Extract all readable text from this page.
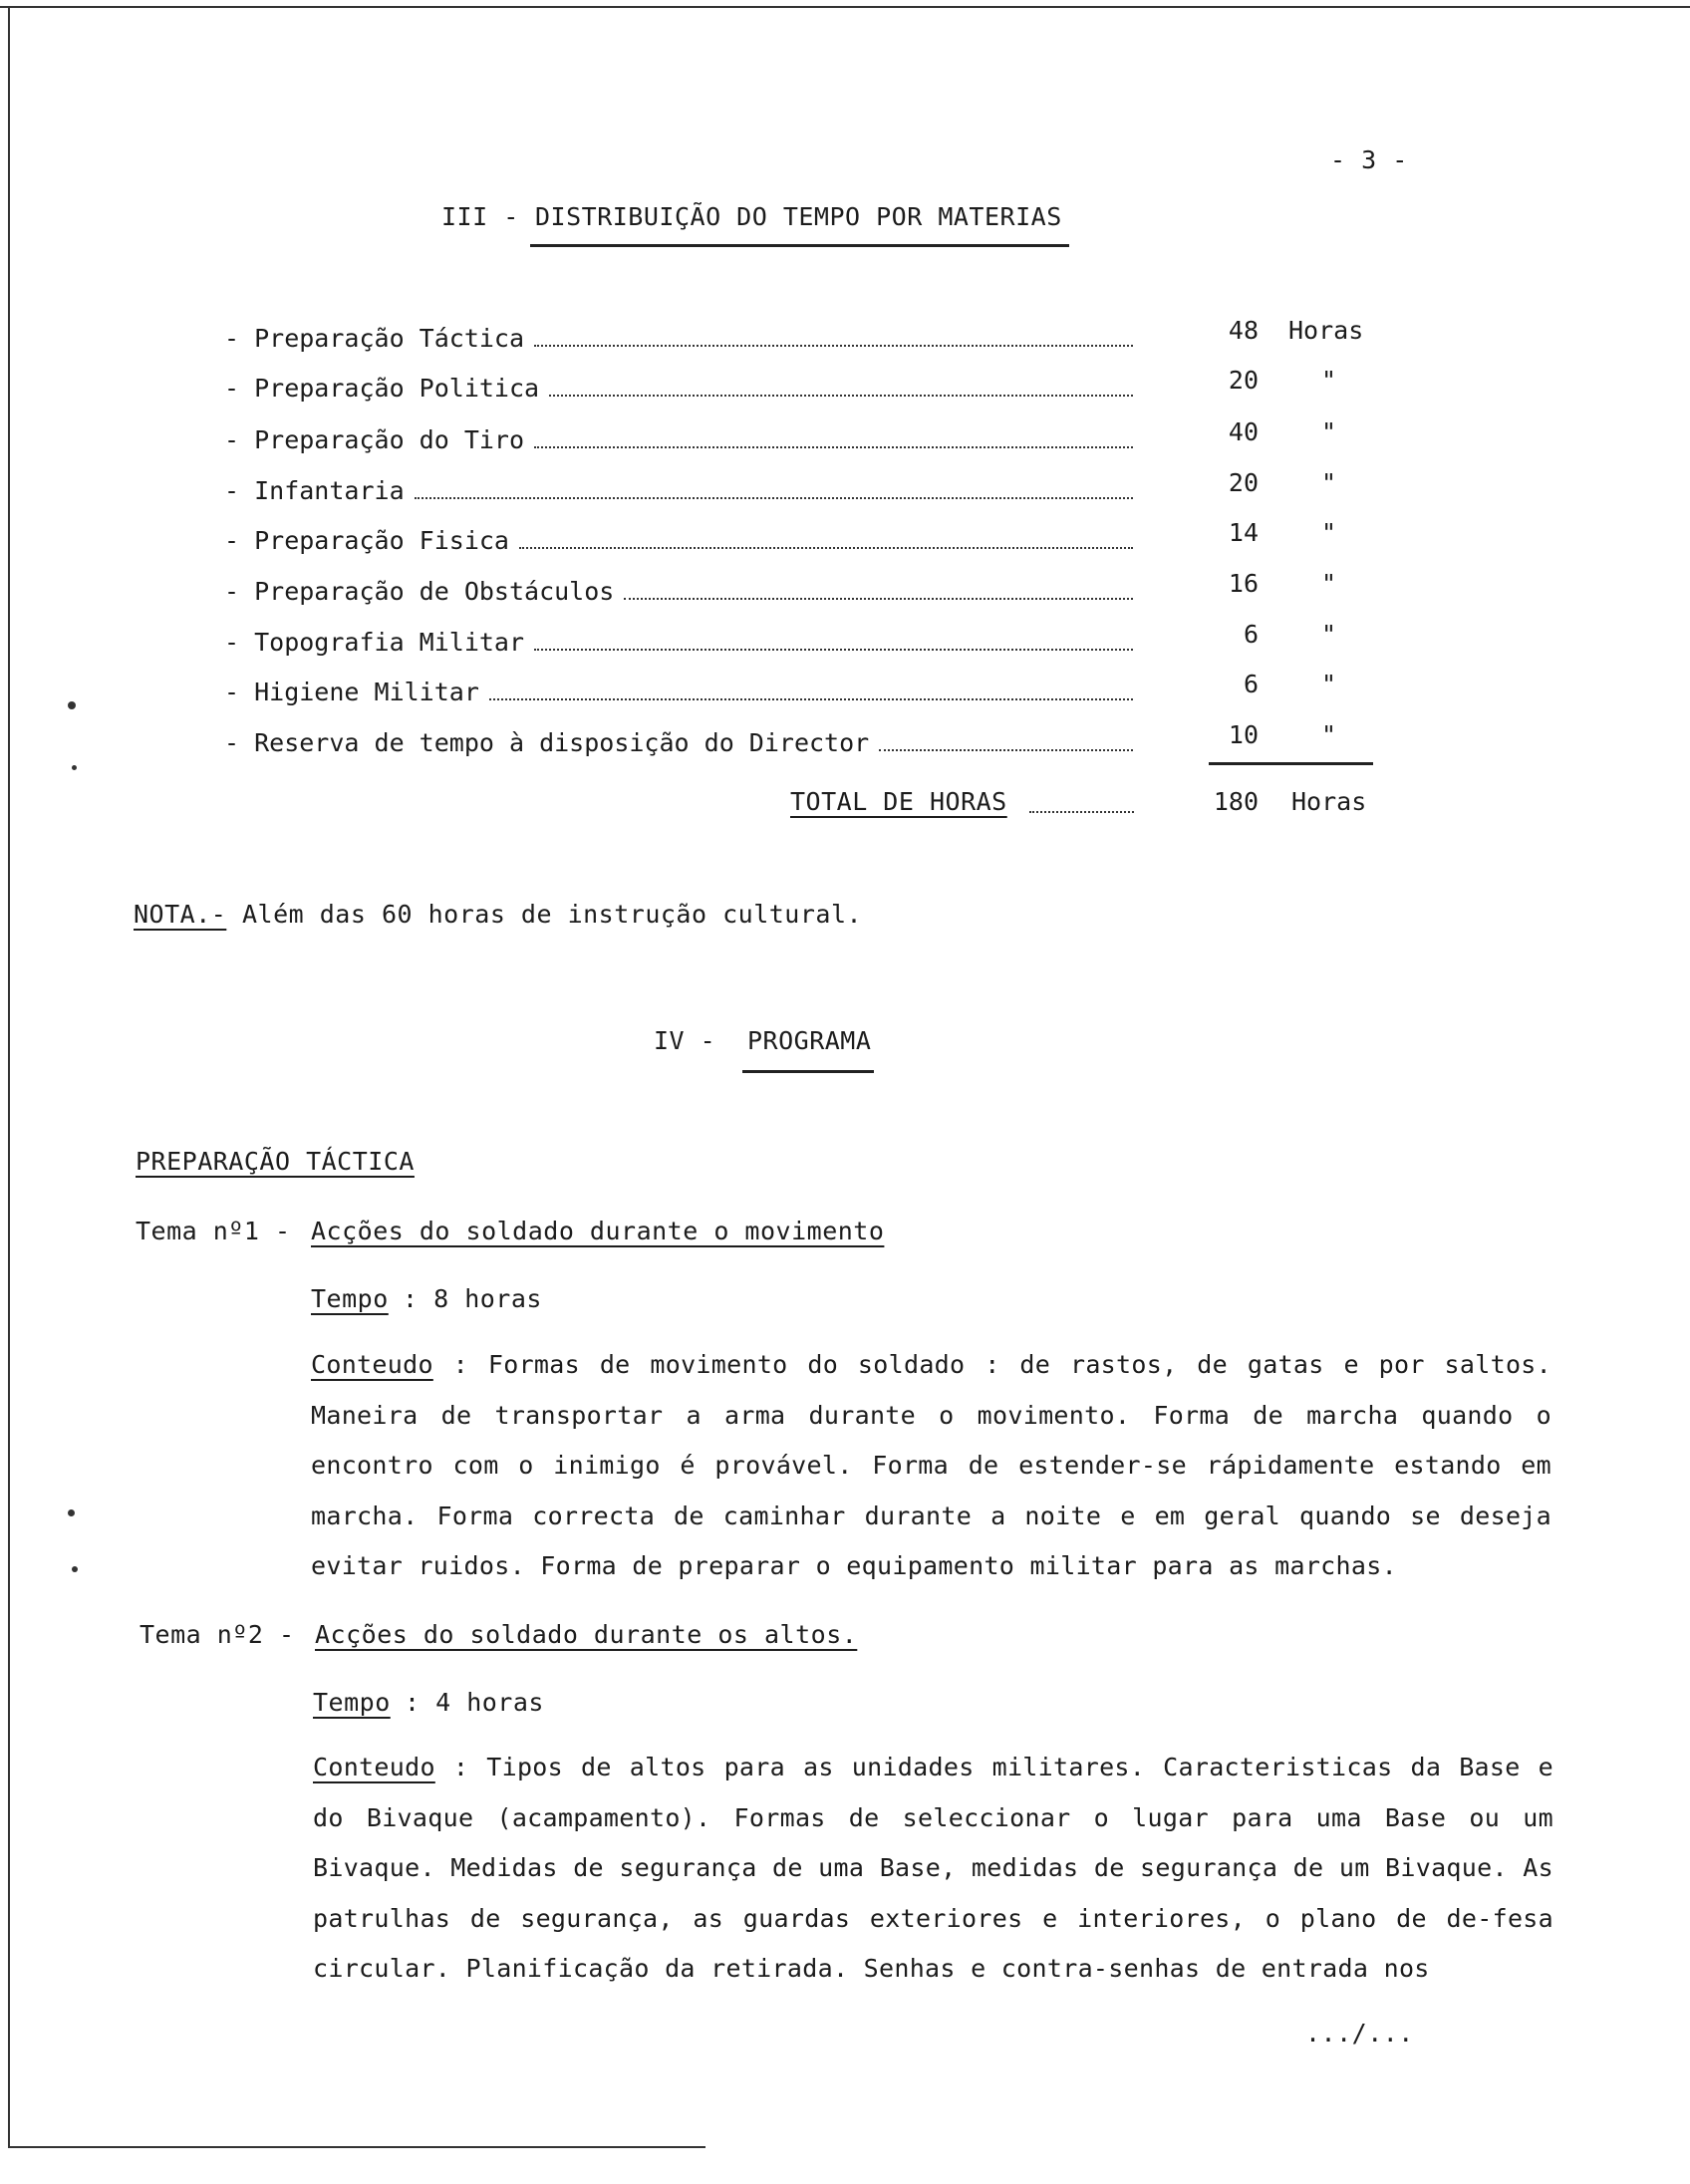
- 3 -
III - DISTRIBUIÇÃO DO TEMPO POR MATERIAS
- Preparação Táctica	48 Horas
- Preparação Politica	20	"
- Preparação do Tiro	40	"
- Infantaria	20	"
- Preparação Fisica	14	"
- Preparação de Obstáculos	16	"
- Topografia Militar	6	"
- Higiene Militar	6	"
- Reserva de tempo à disposição do Director	10	"
TOTAL DE HORAS	180 Horas
NOTA.- Além das 60 horas de instrução cultural.
IV - PROGRAMA
PREPARAÇÃO TÁCTICA
Tema nº1 - Acções do soldado durante o movimento
Tempo : 8 horas
Conteudo : Formas de movimento do soldado : de rastos, de gatas e por saltos. Maneira de transportar a arma durante o movimento. Forma de marcha quando o encontro com o inimigo é provável. Forma de estender-se rápidamente estando em marcha. Forma correcta de caminhar durante a noite e em geral quando se deseja evitar ruidos. Forma de preparar o equipamento militar para as marchas.
Tema nº2 - Acções do soldado durante os altos.
Tempo : 4 horas
Conteudo : Tipos de altos para as unidades militares. Caracteristicas da Base e do Bivaque (acampamento). Formas de seleccionar o lugar para uma Base ou um Bivaque. Medidas de segurança de uma Base, medidas de segurança de um Bivaque. As patrulhas de segurança, as guardas exteriores e interiores, o plano de de-fesa circular. Planificação da retirada. Senhas e contra-senhas de entrada nos
.../...
